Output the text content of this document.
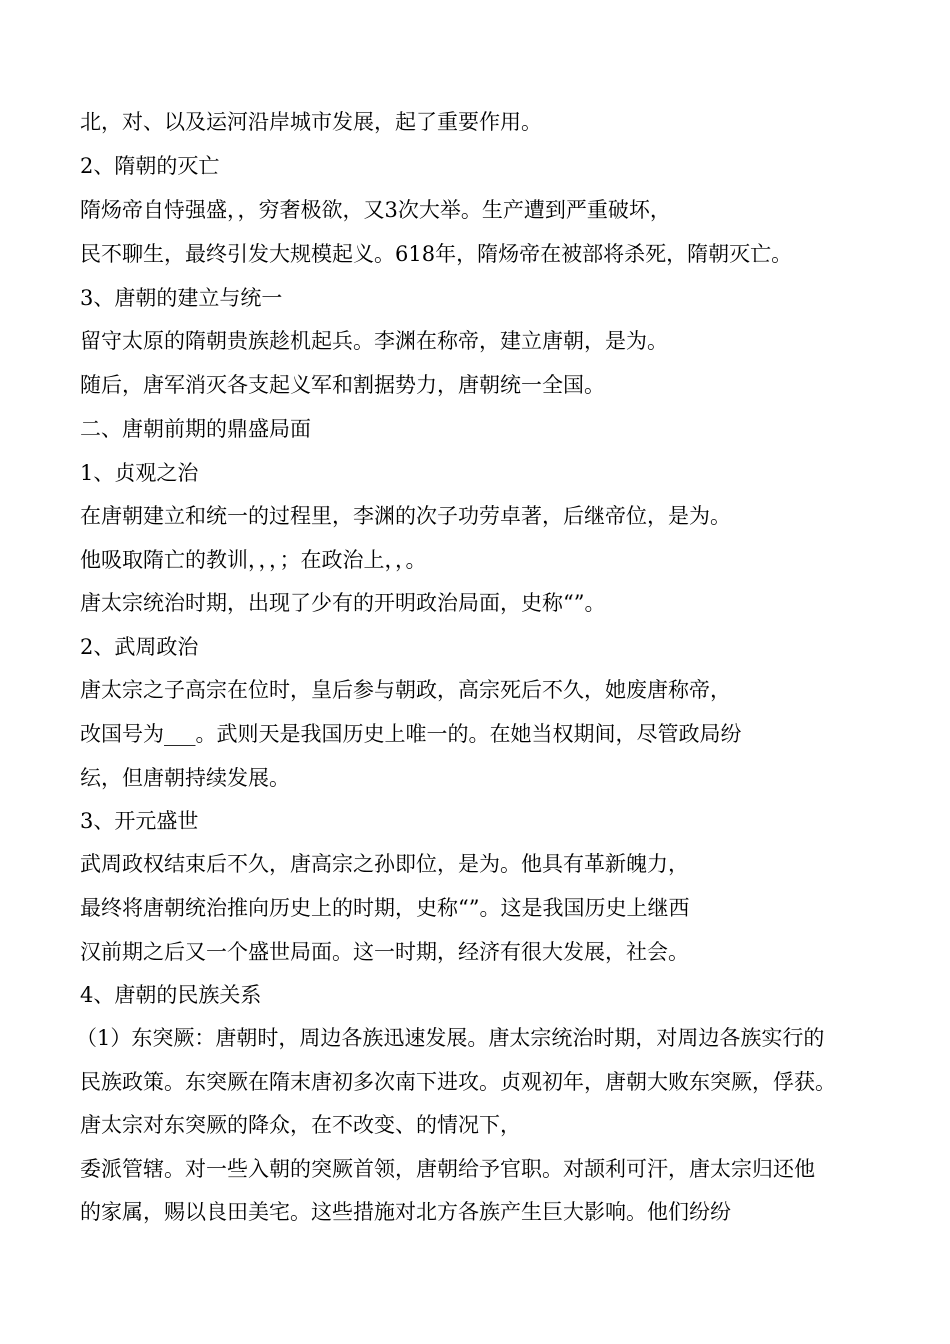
北，对、以及运河沿岸城市发展，起了重要作用。
2、隋朝的灭亡
隋炀帝自恃强盛，，穷奢极欲，又3次大举。生产遭到严重破坏，
民不聊生，最终引发大规模起义。618年，隋炀帝在被部将杀死，隋朝灭亡。
3、唐朝的建立与统一
留守太原的隋朝贵族趁机起兵。李渊在称帝，建立唐朝，是为。
随后，唐军消灭各支起义军和割据势力，唐朝统一全国。
二、唐朝前期的鼎盛局面
1、贞观之治
在唐朝建立和统一的过程里，李渊的次子功劳卓著，后继帝位，是为。
他吸取隋亡的教训，，，；在政治上，，。
唐太宗统治时期，出现了少有的开明政治局面，史称“”。
2、武周政治
唐太宗之子高宗在位时，皇后参与朝政，高宗死后不久，她废唐称帝，
改国号为___。武则天是我国历史上唯一的。在她当权期间，尽管政局纷
纭，但唐朝持续发展。
3、开元盛世
武周政权结束后不久，唐高宗之孙即位，是为。他具有革新魄力，
最终将唐朝统治推向历史上的时期，史称“”。这是我国历史上继西
汉前期之后又一个盛世局面。这一时期，经济有很大发展，社会。
4、唐朝的民族关系
（1）东突厥：唐朝时，周边各族迅速发展。唐太宗统治时期，对周边各族实行的
民族政策。东突厥在隋末唐初多次南下进攻。贞观初年，唐朝大败东突厥，俘获。
唐太宗对东突厥的降众，在不改变、的情况下，
委派管辖。对一些入朝的突厥首领，唐朝给予官职。对颉利可汗，唐太宗归还他
的家属，赐以良田美宅。这些措施对北方各族产生巨大影响。他们纷纷
